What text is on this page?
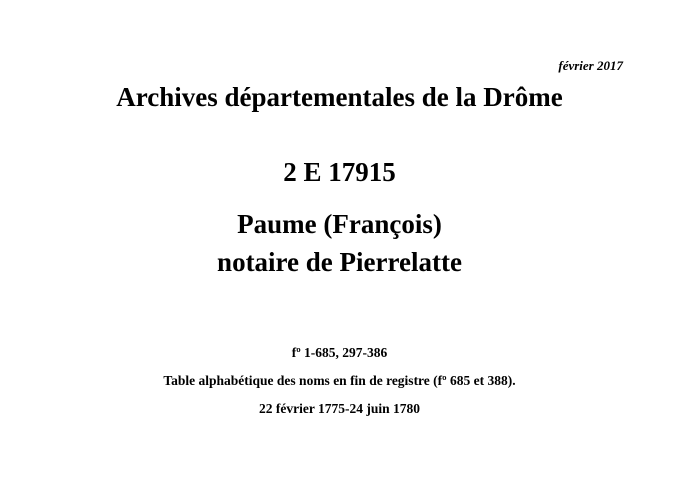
février 2017
Archives départementales de la Drôme
2 E 17915
Paume (François)
notaire de Pierrelatte
fº 1-685, 297-386
Table alphabétique des noms en fin de registre (fº 685 et 388).
22 février 1775-24 juin 1780
